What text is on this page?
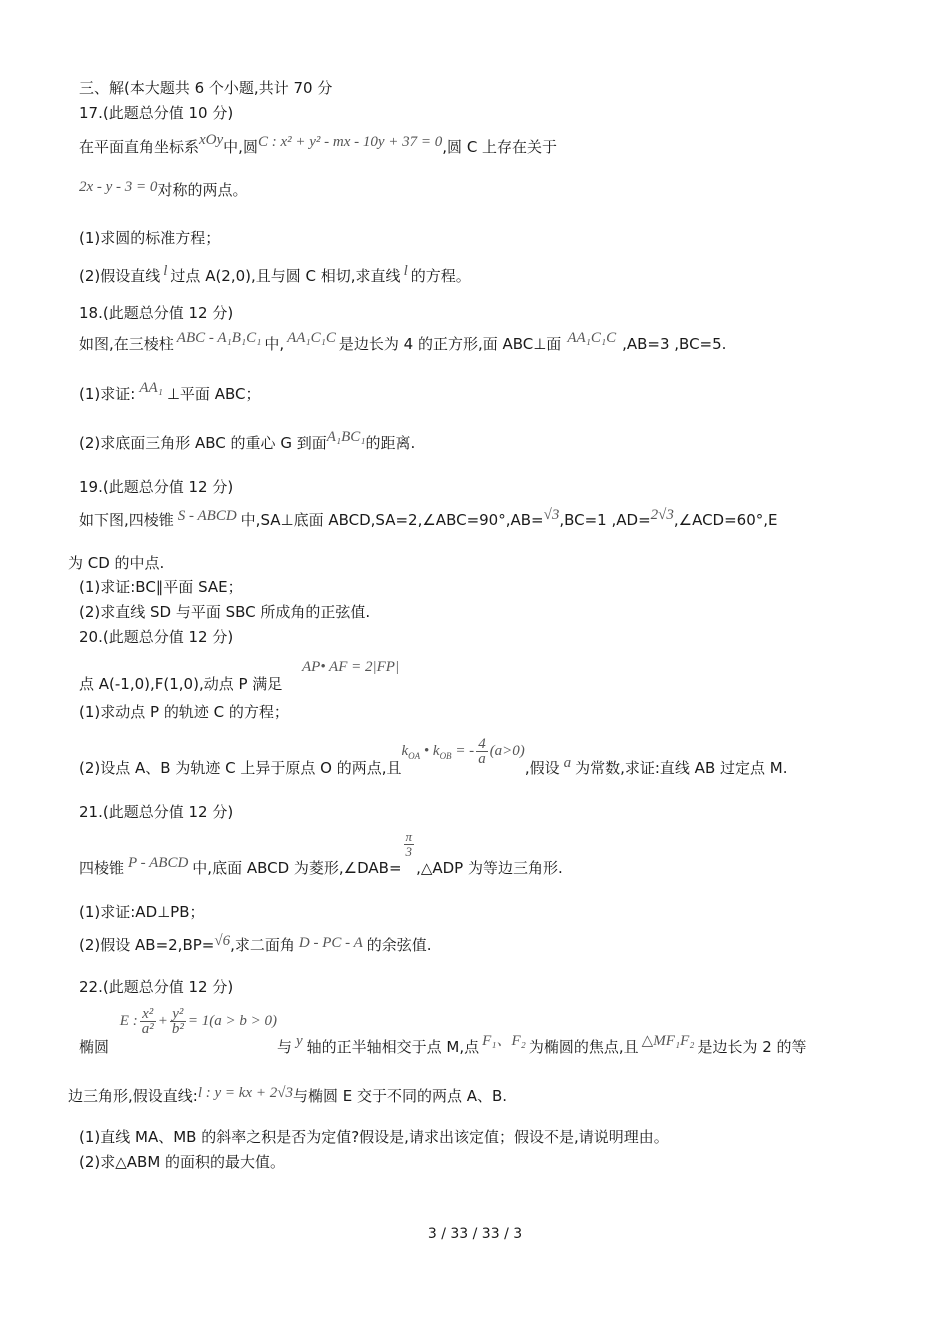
三、解(本大题共 6 个小题,共计 70 分
17.(此题总分值 10 分)
在平面直角坐标系xOy中,圆C : x² + y² - mx - 10y + 37 = 0,圆 C 上存在关于
2x - y - 3 = 0对称的两点。
(1)求圆的标准方程；
(2)假设直线 l 过点 A(2,0),且与圆 C 相切,求直线 l 的方程。
18.(此题总分值 12 分)
如图,在三棱柱 ABC - A₁B₁C₁ 中, AA₁C₁C 是边长为 4 的正方形,面 ABC⊥面 AA₁C₁C ,AB=3 ,BC=5.
(1)求证: AA₁ ⊥平面 ABC；
(2)求底面三角形 ABC 的重心 G 到面A₁BC₁的距离.
19.(此题总分值 12 分)
如下图,四棱锥 S - ABCD 中,SA⊥底面 ABCD,SA=2,∠ABC=90°,AB=√3,BC=1 ,AD=2√3,∠ACD=60°,E
为 CD 的中点.
(1)求证:BC∥平面 SAE；
(2)求直线 SD 与平面 SBC 所成角的正弦值.
20.(此题总分值 12 分)
AP• AF = 2|FP|
点 A(-1,0),F(1,0),动点 P 满足
(1)求动点 P 的轨迹 C 的方程；
(2)设点 A、B 为轨迹 C 上异于原点 O 的两点,且$k_{OA}$ • $k_{OB}$ = - $\frac{4}{a} (a>0)$,假设 a 为常数,求证:直线 AB 过定点 M.
21.(此题总分值 12 分)
四棱锥 P - ABCD 中,底面 ABCD 为菱形,∠DAB=
$\frac{\pi}{3}$
,△ADP 为等边三角形.
(1)求证:AD⊥PB；
(2)假设 AB=2,BP=√6,求二面角 D - PC - A 的余弦值.
22.(此题总分值 12 分)
椭圆 E : $\frac{\text{x²}}{\text{a²}} + \frac{\text{y²}}{\text{b²}} = 1(a > b > 0)$与 y 轴的正半轴相交于点 M,点 F₁、F₂ 为椭圆的焦点,且 △MF₁F₂ 是边长为 2 的等
边三角形,假设直线:l : y = kx + 2√3与椭圆 E 交于不同的两点 A、B.
(1)直线 MA、MB 的斜率之积是否为定值?假设是,请求出该定值；假设不是,请说明理由。
(2)求△ABM 的面积的最大值。
3 / 33 / 33 / 3
